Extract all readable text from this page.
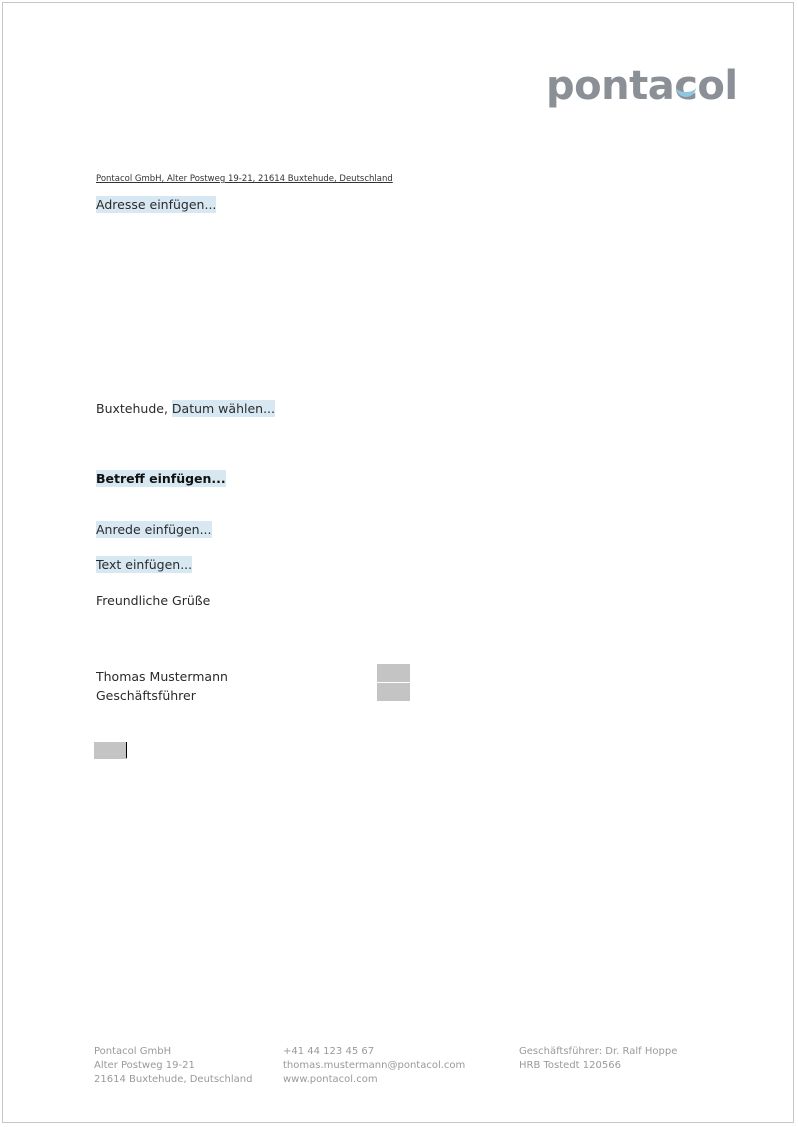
pontac
ol
Pontacol GmbH, Alter Postweg 19-21, 21614 Buxtehude, Deutschland
Adresse einfügen...
Buxtehude, Datum wählen...
Betreff einfügen...
Anrede einfügen...
Text einfügen...
Freundliche Grüße
Thomas Mustermann
Geschäftsführer
Pontacol GmbH
Alter Postweg 19-21
21614 Buxtehude, Deutschland
+41 44 123 45 67
thomas.mustermann@pontacol.com
www.pontacol.com
Geschäftsführer: Dr. Ralf Hoppe
HRB Tostedt 120566
